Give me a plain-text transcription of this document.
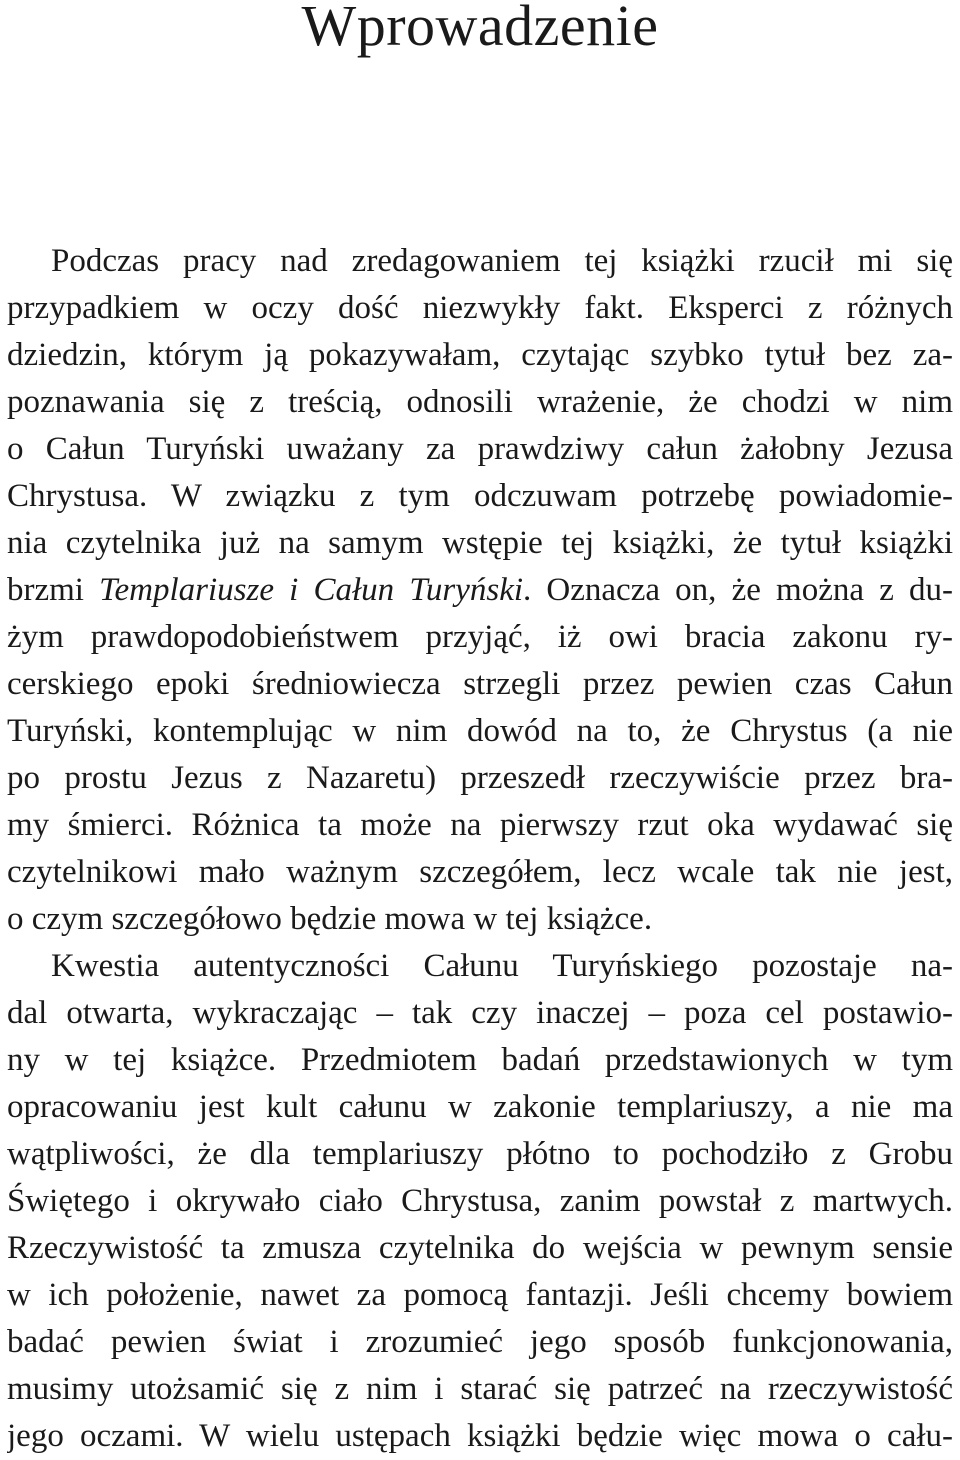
Wprowadzenie
Podczas pracy nad zredagowaniem tej książki rzucił mi się
przypadkiem w oczy dość niezwykły fakt. Eksperci z różnych
dziedzin, którym ją pokazywałam, czytając szybko tytuł bez za-
poznawania się z treścią, odnosili wrażenie, że chodzi w nim
o Całun Turyński uważany za prawdziwy całun żałobny Jezusa
Chrystusa. W związku z tym odczuwam potrzebę powiadomie-
nia czytelnika już na samym wstępie tej książki, że tytuł książki
brzmi Templariusze i Całun Turyński. Oznacza on, że można z du-
żym prawdopodobieństwem przyjąć, iż owi bracia zakonu ry-
cerskiego epoki średniowiecza strzegli przez pewien czas Całun
Turyński, kontemplując w nim dowód na to, że Chrystus (a nie
po prostu Jezus z Nazaretu) przeszedł rzeczywiście przez bra-
my śmierci. Różnica ta może na pierwszy rzut oka wydawać się
czytelnikowi mało ważnym szczegółem, lecz wcale tak nie jest,
o czym szczegółowo będzie mowa w tej książce.
Kwestia autentyczności Całunu Turyńskiego pozostaje na-
dal otwarta, wykraczając – tak czy inaczej – poza cel postawio-
ny w tej książce. Przedmiotem badań przedstawionych w tym
opracowaniu jest kult całunu w zakonie templariuszy, a nie ma
wątpliwości, że dla templariuszy płótno to pochodziło z Grobu
Świętego i okrywało ciało Chrystusa, zanim powstał z martwych.
Rzeczywistość ta zmusza czytelnika do wejścia w pewnym sensie
w ich położenie, nawet za pomocą fantazji. Jeśli chcemy bowiem
badać pewien świat i zrozumieć jego sposób funkcjonowania,
musimy utożsamić się z nim i starać się patrzeć na rzeczywistość
jego oczami. W wielu ustępach książki będzie więc mowa o cału-
